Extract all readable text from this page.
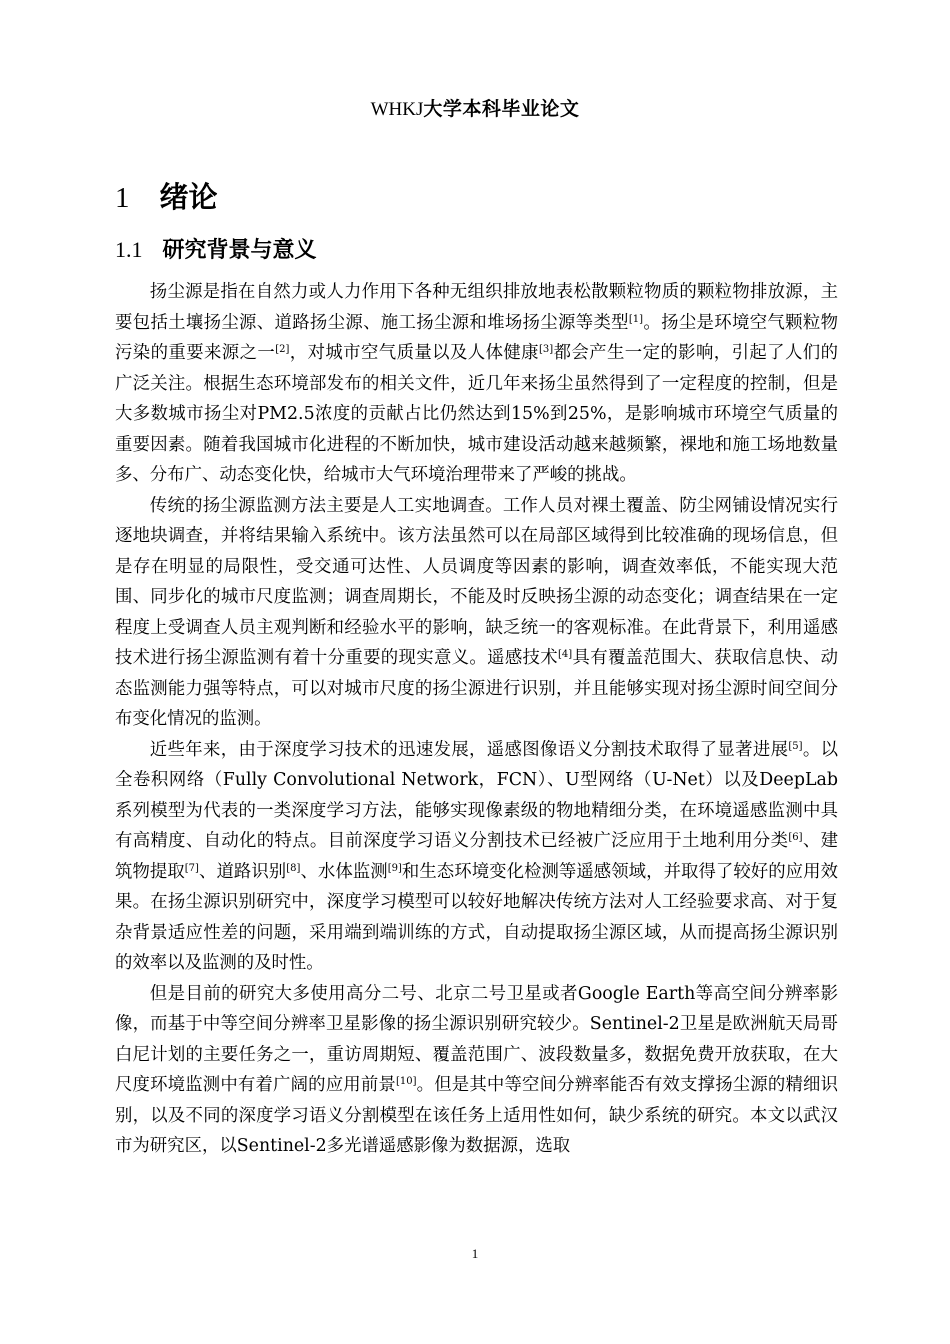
WHKJ大学本科毕业论文
1 绪论
1.1 研究背景与意义

扬尘源是指在自然力或人力作用下各种无组织排放地表松散颗粒物质的颗粒物排放源，主要包括土壤扬尘源、道路扬尘源、施工扬尘源和堆场扬尘源等类型[1]。扬尘是环境空气颗粒物污染的重要来源之一[2]，对城市空气质量以及人体健康[3]都会产生一定的影响，引起了人们的广泛关注。根据生态环境部发布的相关文件，近几年来扬尘虽然得到了一定程度的控制，但是大多数城市扬尘对PM2.5浓度的贡献占比仍然达到15%到25%，是影响城市环境空气质量的重要因素。随着我国城市化进程的不断加快，城市建设活动越来越频繁，裸地和施工场地数量多、分布广、动态变化快，给城市大气环境治理带来了严峻的挑战。

传统的扬尘源监测方法主要是人工实地调查。工作人员对裸土覆盖、防尘网铺设情况实行逐地块调查，并将结果输入系统中。该方法虽然可以在局部区域得到比较准确的现场信息，但是存在明显的局限性，受交通可达性、人员调度等因素的影响，调查效率低，不能实现大范围、同步化的城市尺度监测；调查周期长，不能及时反映扬尘源的动态变化；调查结果在一定程度上受调查人员主观判断和经验水平的影响，缺乏统一的客观标准。在此背景下，利用遥感技术进行扬尘源监测有着十分重要的现实意义。遥感技术[4]具有覆盖范围大、获取信息快、动态监测能力强等特点，可以对城市尺度的扬尘源进行识别，并且能够实现对扬尘源时间空间分布变化情况的监测。

近些年来，由于深度学习技术的迅速发展，遥感图像语义分割技术取得了显著进展[5]。以全卷积网络（Fully Convolutional Network，FCN）、U型网络（U-Net）以及DeepLab系列模型为代表的一类深度学习方法，能够实现像素级的物地精细分类，在环境遥感监测中具有高精度、自动化的特点。目前深度学习语义分割技术已经被广泛应用于土地利用分类[6]、建筑物提取[7]、道路识别[8]、水体监测[9]和生态环境变化检测等遥感领域，并取得了较好的应用效果。在扬尘源识别研究中，深度学习模型可以较好地解决传统方法对人工经验要求高、对于复杂背景适应性差的问题，采用端到端训练的方式，自动提取扬尘源区域，从而提高扬尘源识别的效率以及监测的及时性。

但是目前的研究大多使用高分二号、北京二号卫星或者Google Earth等高空间分辨率影像，而基于中等空间分辨率卫星影像的扬尘源识别研究较少。Sentinel-2卫星是欧洲航天局哥白尼计划的主要任务之一，重访周期短、覆盖范围广、波段数量多，数据免费开放获取，在大尺度环境监测中有着广阔的应用前景[10]。但是其中等空间分辨率能否有效支撑扬尘源的精细识别，以及不同的深度学习语义分割模型在该任务上适用性如何，缺少系统的研究。本文以武汉市为研究区，以Sentinel-2多光谱遥感影像为数据源，选取

1
